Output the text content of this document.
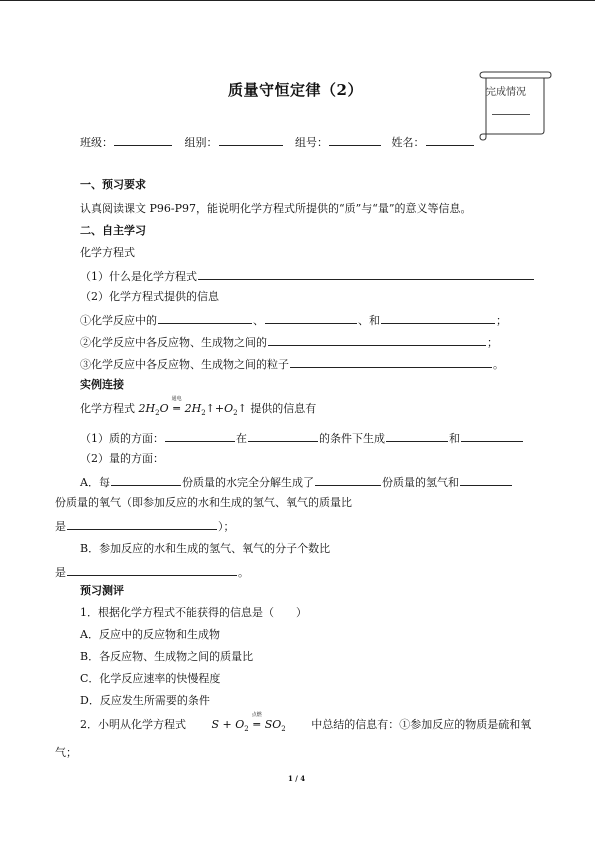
质量守恒定律（2）	完成情况
班级：	组别：	组号：	姓名：
一、预习要求
认真阅读课文 P96-P97，能说明化学方程式所提供的“质”与“量”的意义等信息。
二、自主学习
化学方程式
（1）什么是化学方程式
（2）化学方程式提供的信息
①化学反应中的	、	、和	；
②化学反应中各反应物、生成物之间的	；
③化学反应中各反应物、生成物之间的粒子	。
实例连接
化学方程式 $2H_2O$
通电
═ $2H_2↑+O_2↑$ 提供的信息有
（1）质的方面：	在	的条件下生成	和
（2）量的方面：
A．每	份质量的水完全分解生成了	份质量的氢气和
份质量的氧气（即参加反应的水和生成的氢气、氧气的质量比
是	）；
B．参加反应的水和生成的氢气、氧气的分子个数比
是	。
预习测评
1．根据化学方程式不能获得的信息是（　　）
A．反应中的反应物和生成物
B．各反应物、生成物之间的质量比
C．化学反应速率的快慢程度
D．反应发生所需要的条件
2．小明从化学方程式 $S + O_2$
点燃
═ $SO_2$ 中总结的信息有：①参加反应的物质是硫和氧
气；
1 / 4
